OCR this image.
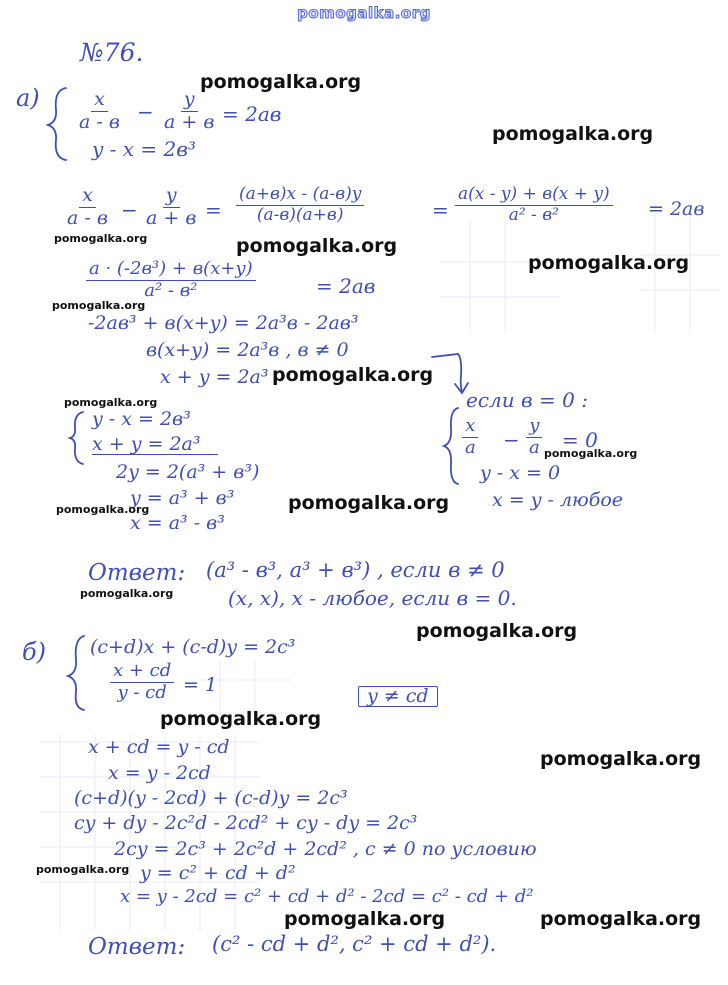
pomogalka.org
№76.
а)	x
a - в −
y
a + в = 2aв
y - x = 2в³
x
a - в −
y
a + в =
(a+в)x - (a-в)y
(a-в)(a+в)	=
a(x - y) + в(x + y)
a² - в²	= 2aв
a · (-2в³) + в(x+y)
a² - в²	= 2aв
-2aв³ + в(x+y) = 2a³в - 2aв³
в(x+y) = 2a³в , в ≠ 0
x + y = 2a³
y - x = 2в³
x + y = 2a³
2y = 2(a³ + в³)
y = a³ + в³
x = a³ - в³
если в = 0 :
$\frac{x}{a} - \frac{y}{a} = 0$
y - x = 0
x = y - любое
Ответ: (a³ - в³, a³ + в³) , если в ≠ 0
(x, x), x - любое, если в = 0.
б) (c+d)x + (c-d)y = 2c³
$\frac{x + cd}{y - cd} = 1$	y ≠ cd
x + cd = y - cd
x = y - 2cd
(c+d)(y - 2cd) + (c-d)y = 2c³
cy + dy - 2c²d - 2cd² + cy - dy = 2c³
2cy = 2c³ + 2c²d + 2cd² , c ≠ 0 по условию
y = c² + cd + d²
x = y - 2cd = c² + cd + d² - 2cd = c² - cd + d²
Ответ: (c² - cd + d², c² + cd + d²).
pomogalka.org
pomogalka.org
pomogalka.org	pomogalka.org
pomogalka.org
pomogalka.org
pomogalka.org
pomogalka.org
pomogalka.org
pomogalka.org
pomogalka.org
pomogalka.org
pomogalka.org
pomogalka.org
pomogalka.org
pomogalka.org
pomogalka.org	pomogalka.org
